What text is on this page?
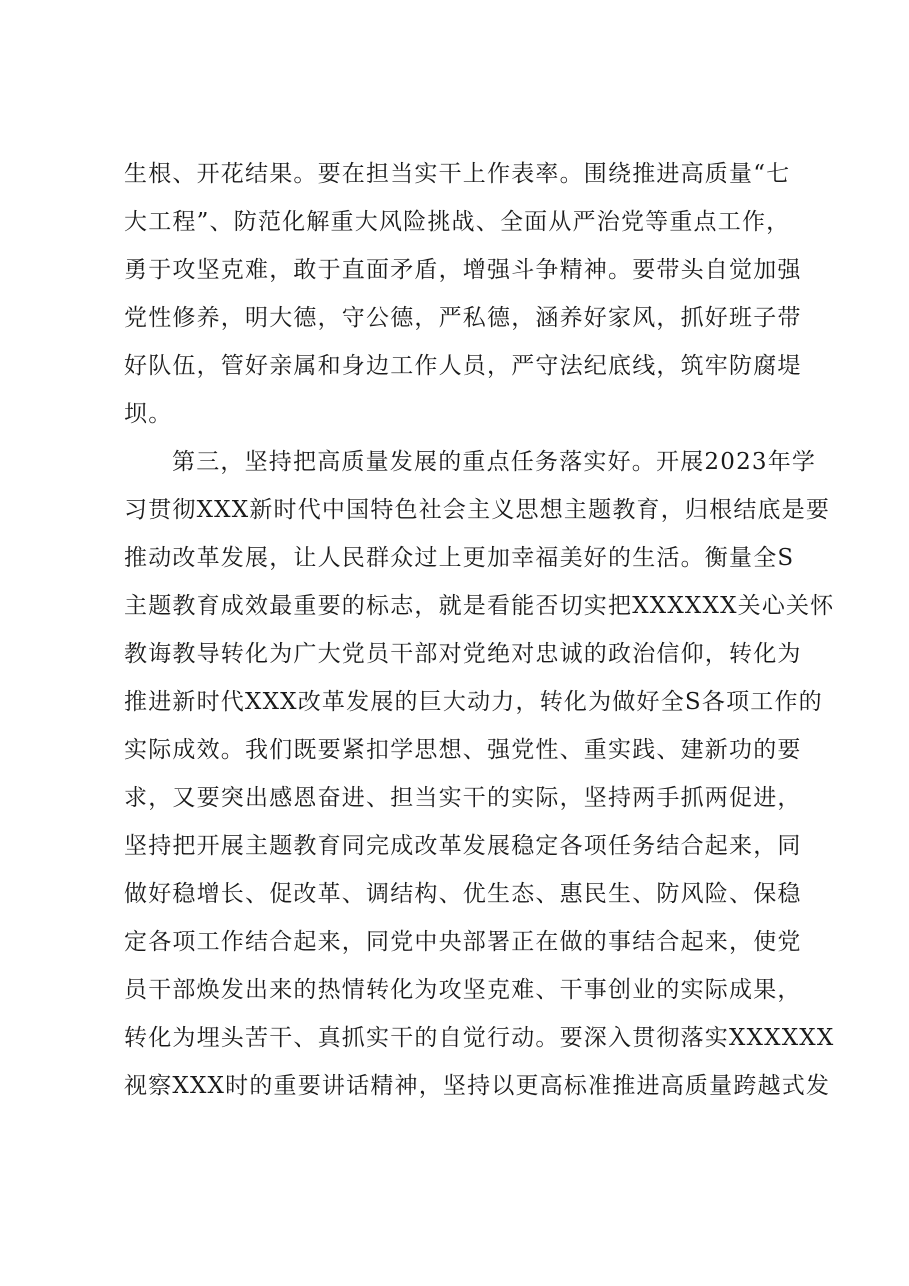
生根、开花结果。要在担当实干上作表率。围绕推进高质量“七
大工程”、防范化解重大风险挑战、全面从严治党等重点工作，
勇于攻坚克难，敢于直面矛盾，增强斗争精神。要带头自觉加强
党性修养，明大德，守公德，严私德，涵养好家风，抓好班子带
好队伍，管好亲属和身边工作人员，严守法纪底线，筑牢防腐堤
坝。
第三，坚持把高质量发展的重点任务落实好。开展2023年学
习贯彻XXX新时代中国特色社会主义思想主题教育，归根结底是要
推动改革发展，让人民群众过上更加幸福美好的生活。衡量全S
主题教育成效最重要的标志，就是看能否切实把XXXXXX关心关怀
教诲教导转化为广大党员干部对党绝对忠诚的政治信仰，转化为
推进新时代XXX改革发展的巨大动力，转化为做好全S各项工作的
实际成效。我们既要紧扣学思想、强党性、重实践、建新功的要
求，又要突出感恩奋进、担当实干的实际，坚持两手抓两促进，
坚持把开展主题教育同完成改革发展稳定各项任务结合起来，同
做好稳增长、促改革、调结构、优生态、惠民生、防风险、保稳
定各项工作结合起来，同党中央部署正在做的事结合起来，使党
员干部焕发出来的热情转化为攻坚克难、干事创业的实际成果，
转化为埋头苦干、真抓实干的自觉行动。要深入贯彻落实XXXXXX
视察XXX时的重要讲话精神，坚持以更高标准推进高质量跨越式发
